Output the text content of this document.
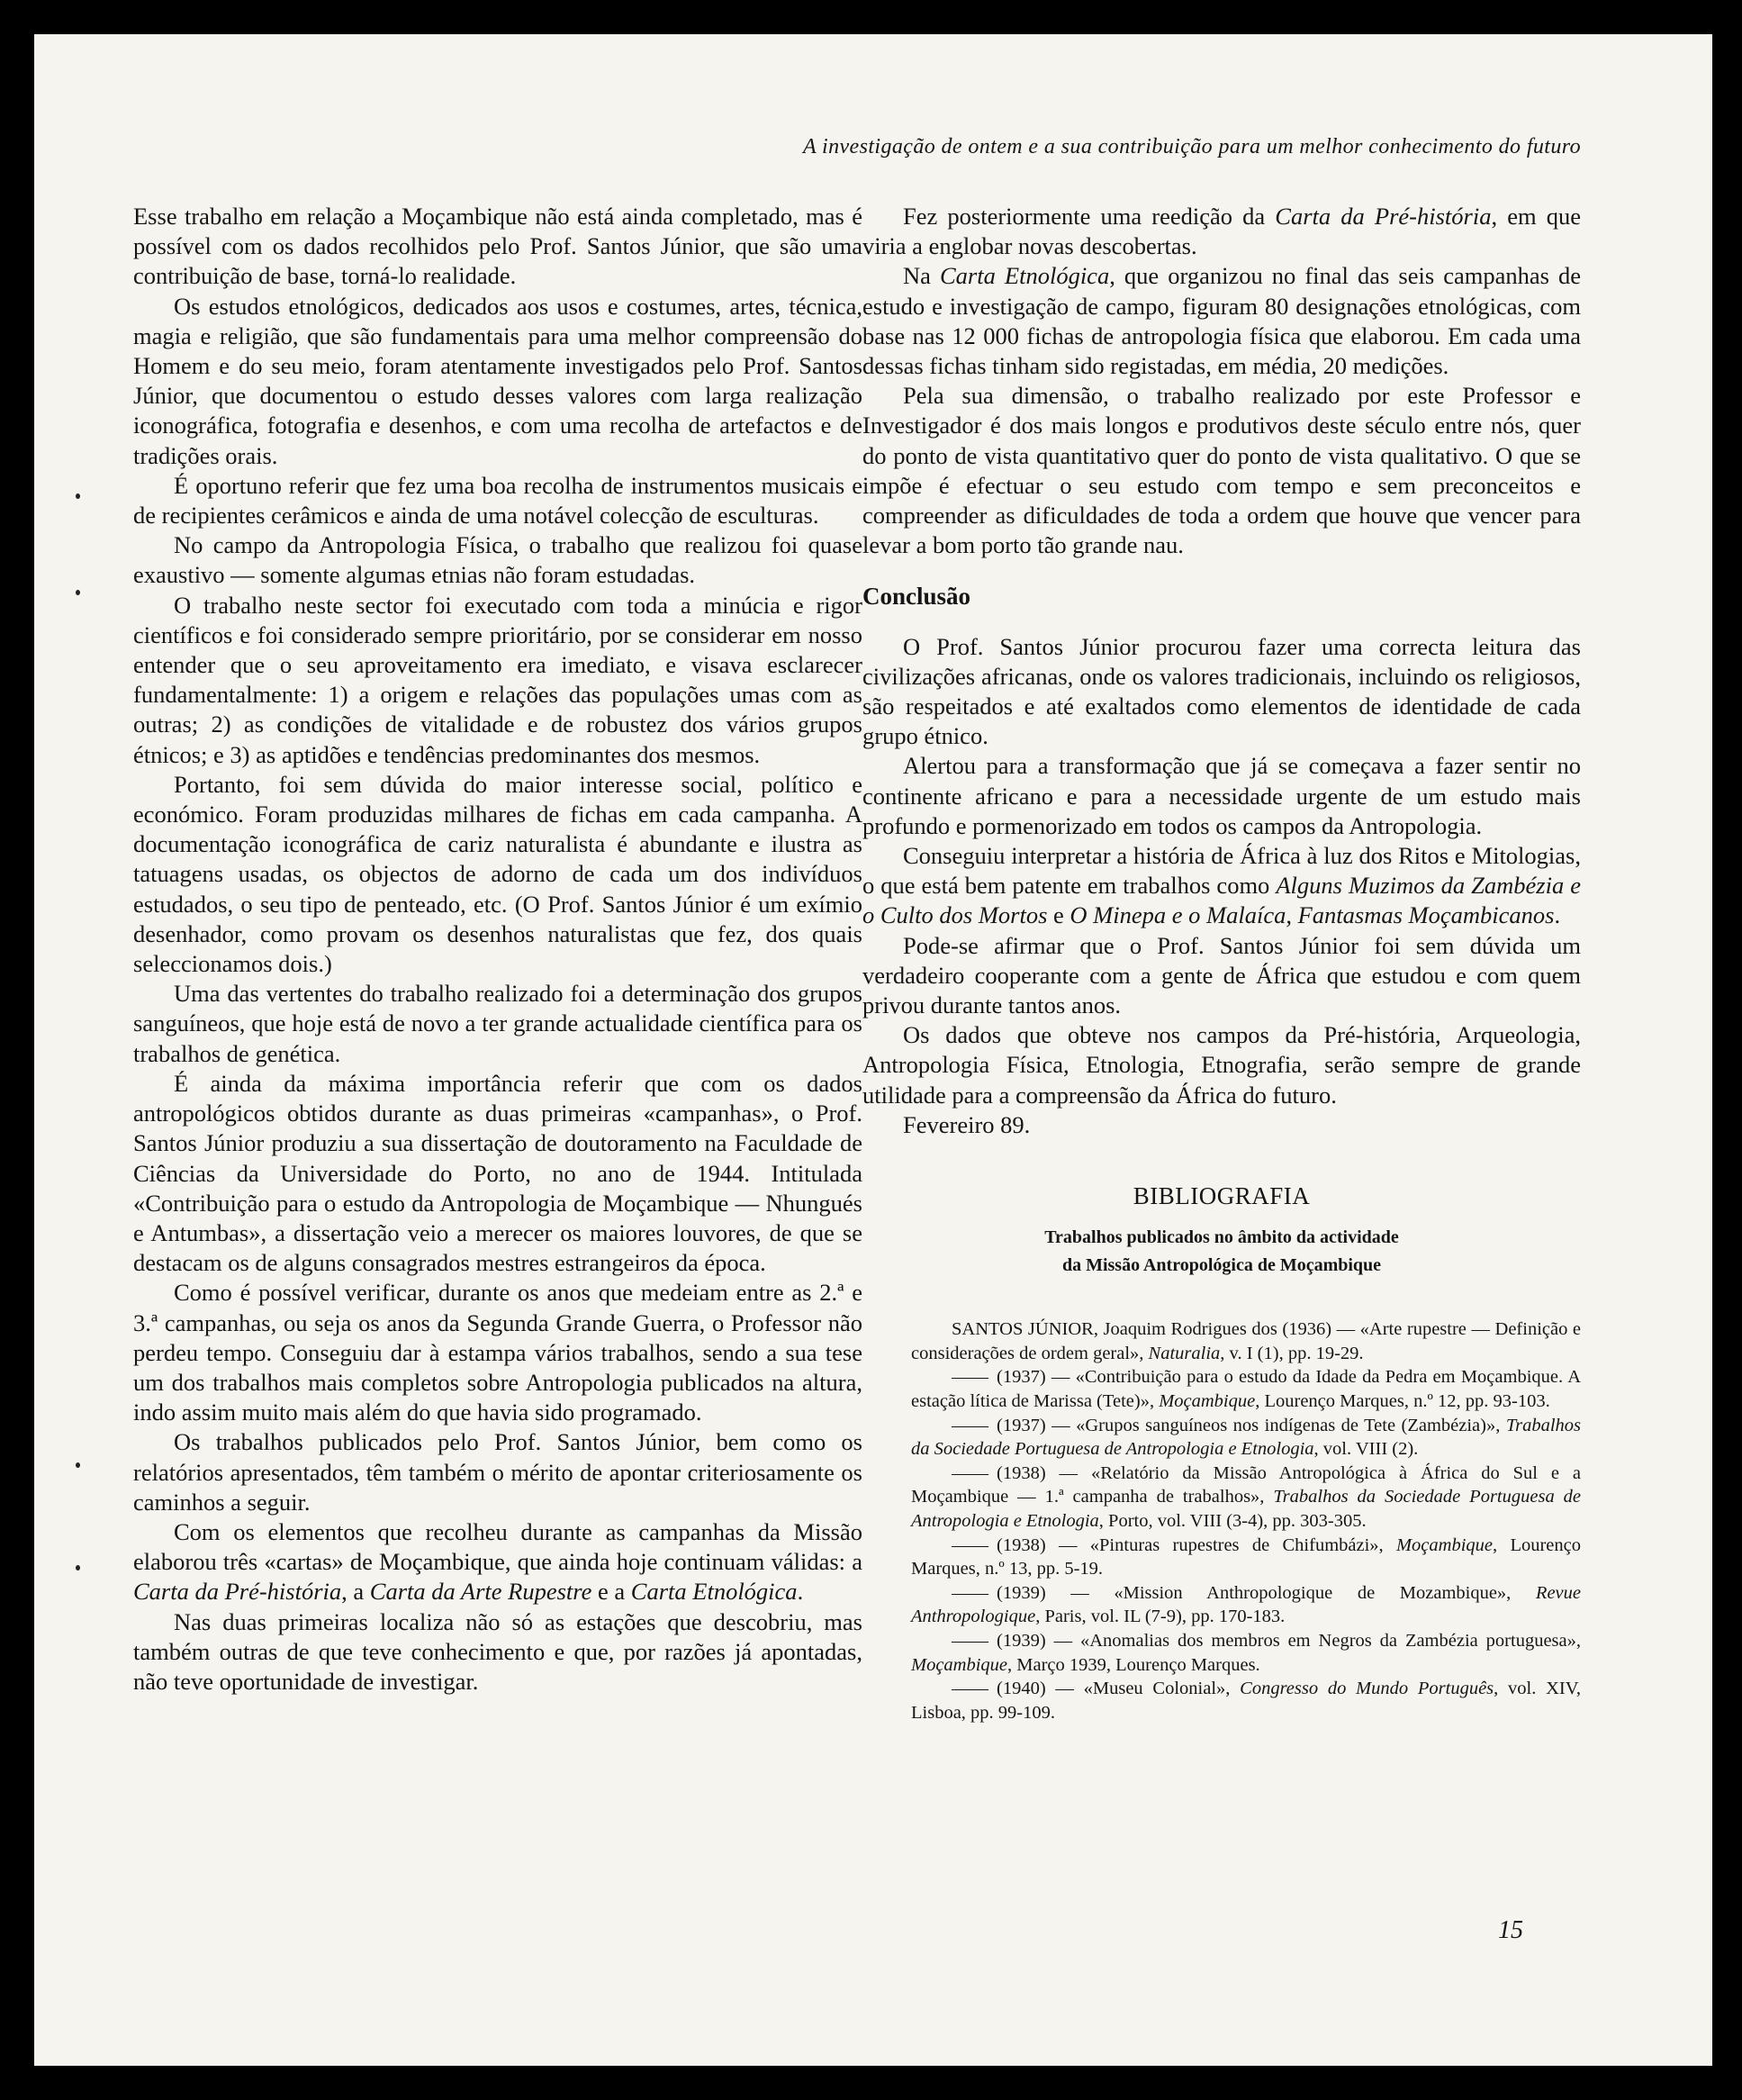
A investigação de ontem e a sua contribuição para um melhor conhecimento do futuro

Esse trabalho em relação a Moçambique não está ainda completado, mas é possível com os dados recolhidos pelo Prof. Santos Júnior, que são uma contribuição de base, torná-lo realidade.

Os estudos etnológicos, dedicados aos usos e costumes, artes, técnica, magia e religião, que são fundamentais para uma melhor compreensão do Homem e do seu meio, foram atentamente investigados pelo Prof. Santos Júnior, que documentou o estudo desses valores com larga realização iconográfica, fotografia e desenhos, e com uma recolha de artefactos e de tradições orais.

É oportuno referir que fez uma boa recolha de instrumentos musicais e de recipientes cerâmicos e ainda de uma notável colecção de esculturas.

No campo da Antropologia Física, o trabalho que realizou foi quase exaustivo — somente algumas etnias não foram estudadas.

O trabalho neste sector foi executado com toda a minúcia e rigor científicos e foi considerado sempre prioritário, por se considerar em nosso entender que o seu aproveitamento era imediato, e visava esclarecer fundamentalmente: 1) a origem e relações das populações umas com as outras; 2) as condições de vitalidade e de robustez dos vários grupos étnicos; e 3) as aptidões e tendências predominantes dos mesmos.

Portanto, foi sem dúvida do maior interesse social, político e económico. Foram produzidas milhares de fichas em cada campanha. A documentação iconográfica de cariz naturalista é abundante e ilustra as tatuagens usadas, os objectos de adorno de cada um dos indivíduos estudados, o seu tipo de penteado, etc. (O Prof. Santos Júnior é um exímio desenhador, como provam os desenhos naturalistas que fez, dos quais seleccionamos dois.)

Uma das vertentes do trabalho realizado foi a determinação dos grupos sanguíneos, que hoje está de novo a ter grande actualidade científica para os trabalhos de genética.

É ainda da máxima importância referir que com os dados antropológicos obtidos durante as duas primeiras «campanhas», o Prof. Santos Júnior produziu a sua dissertação de doutoramento na Faculdade de Ciências da Universidade do Porto, no ano de 1944. Intitulada «Contribuição para o estudo da Antropologia de Moçambique — Nhungués e Antumbas», a dissertação veio a merecer os maiores louvores, de que se destacam os de alguns consagrados mestres estrangeiros da época.

Como é possível verificar, durante os anos que medeiam entre as 2.ª e 3.ª campanhas, ou seja os anos da Segunda Grande Guerra, o Professor não perdeu tempo. Conseguiu dar à estampa vários trabalhos, sendo a sua tese um dos trabalhos mais completos sobre Antropologia publicados na altura, indo assim muito mais além do que havia sido programado.

Os trabalhos publicados pelo Prof. Santos Júnior, bem como os relatórios apresentados, têm também o mérito de apontar criteriosamente os caminhos a seguir.

Com os elementos que recolheu durante as campanhas da Missão elaborou três «cartas» de Moçambique, que ainda hoje continuam válidas: a Carta da Pré-história, a Carta da Arte Rupestre e a Carta Etnológica.

Nas duas primeiras localiza não só as estações que descobriu, mas também outras de que teve conhecimento e que, por razões já apontadas, não teve oportunidade de investigar.

Fez posteriormente uma reedição da Carta da Pré-história, em que viria a englobar novas descobertas.

Na Carta Etnológica, que organizou no final das seis campanhas de estudo e investigação de campo, figuram 80 designações etnológicas, com base nas 12 000 fichas de antropologia física que elaborou. Em cada uma dessas fichas tinham sido registadas, em média, 20 medições.

Pela sua dimensão, o trabalho realizado por este Professor e Investigador é dos mais longos e produtivos deste século entre nós, quer do ponto de vista quantitativo quer do ponto de vista qualitativo. O que se impõe é efectuar o seu estudo com tempo e sem preconceitos e compreender as dificuldades de toda a ordem que houve que vencer para levar a bom porto tão grande nau.

Conclusão

O Prof. Santos Júnior procurou fazer uma correcta leitura das civilizações africanas, onde os valores tradicionais, incluindo os religiosos, são respeitados e até exaltados como elementos de identidade de cada grupo étnico.

Alertou para a transformação que já se começava a fazer sentir no continente africano e para a necessidade urgente de um estudo mais profundo e pormenorizado em todos os campos da Antropologia.

Conseguiu interpretar a história de África à luz dos Ritos e Mitologias, o que está bem patente em trabalhos como Alguns Muzimos da Zambézia e o Culto dos Mortos e O Minepa e o Malaíca, Fantasmas Moçambicanos.

Pode-se afirmar que o Prof. Santos Júnior foi sem dúvida um verdadeiro cooperante com a gente de África que estudou e com quem privou durante tantos anos.

Os dados que obteve nos campos da Pré-história, Arqueologia, Antropologia Física, Etnologia, Etnografia, serão sempre de grande utilidade para a compreensão da África do futuro.

Fevereiro 89.

BIBLIOGRAFIA
Trabalhos publicados no âmbito da actividade
da Missão Antropológica de Moçambique

SANTOS JÚNIOR, Joaquim Rodrigues dos (1936) — «Arte rupestre — Definição e considerações de ordem geral», Naturalia, v. I (1), pp. 19-29.

—— (1937) — «Contribuição para o estudo da Idade da Pedra em Moçambique. A estação lítica de Marissa (Tete)», Moçambique, Lourenço Marques, n.º 12, pp. 93-103.

—— (1937) — «Grupos sanguíneos nos indígenas de Tete (Zambézia)», Trabalhos da Sociedade Portuguesa de Antropologia e Etnologia, vol. VIII (2).

—— (1938) — «Relatório da Missão Antropológica à África do Sul e a Moçambique — 1.ª campanha de trabalhos», Trabalhos da Sociedade Portuguesa de Antropologia e Etnologia, Porto, vol. VIII (3-4), pp. 303-305.

—— (1938) — «Pinturas rupestres de Chifumbázi», Moçambique, Lourenço Marques, n.º 13, pp. 5-19.

—— (1939) — «Mission Anthropologique de Mozambique», Revue Anthropologique, Paris, vol. IL (7-9), pp. 170-183.

—— (1939) — «Anomalias dos membros em Negros da Zambézia portuguesa», Moçambique, Março 1939, Lourenço Marques.

—— (1940) — «Museu Colonial», Congresso do Mundo Português, vol. XIV, Lisboa, pp. 99-109.

15
